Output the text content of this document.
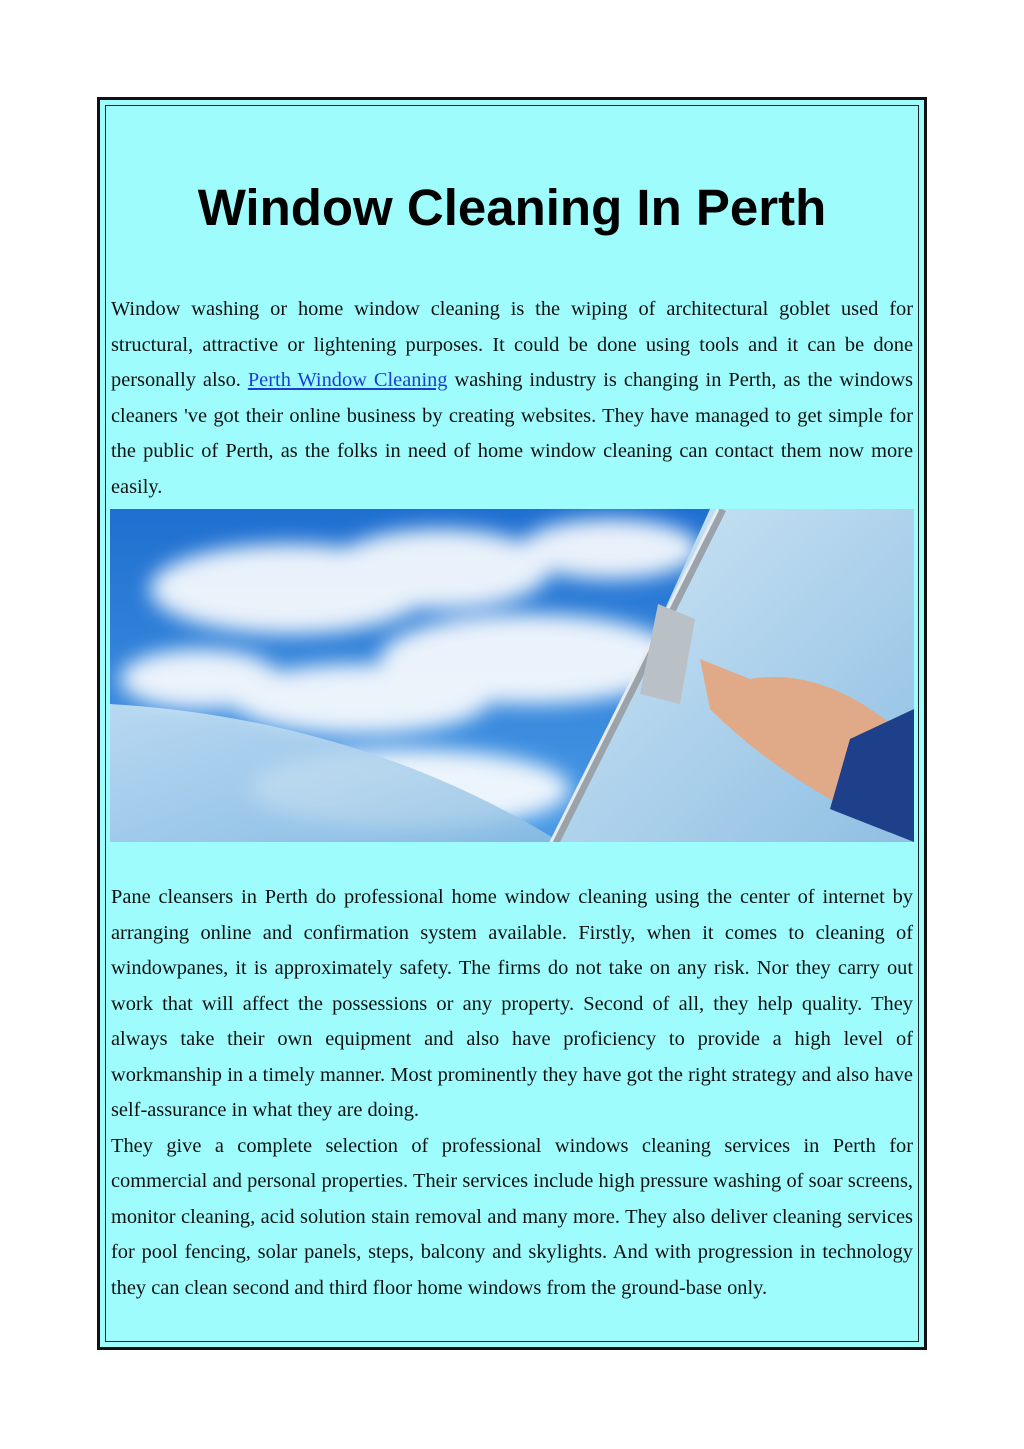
Window Cleaning In Perth

Window washing or home window cleaning is the wiping of architectural goblet used for structural, attractive or lightening purposes. It could be done using tools and it can be done personally also. Perth Window Cleaning washing industry is changing in Perth, as the windows cleaners 've got their online business by creating websites. They have managed to get simple for the public of Perth, as the folks in need of home window cleaning can contact them now more easily.

Pane cleansers in Perth do professional home window cleaning using the center of internet by arranging online and confirmation system available. Firstly, when it comes to cleaning of windowpanes, it is approximately safety. The firms do not take on any risk. Nor they carry out work that will affect the possessions or any property. Second of all, they help quality. They always take their own equipment and also have proficiency to provide a high level of workmanship in a timely manner. Most prominently they have got the right strategy and also have self-assurance in what they are doing.
They give a complete selection of professional windows cleaning services in Perth for commercial and personal properties. Their services include high pressure washing of soar screens, monitor cleaning, acid solution stain removal and many more. They also deliver cleaning services for pool fencing, solar panels, steps, balcony and skylights. And with progression in technology they can clean second and third floor home windows from the ground-base only.
